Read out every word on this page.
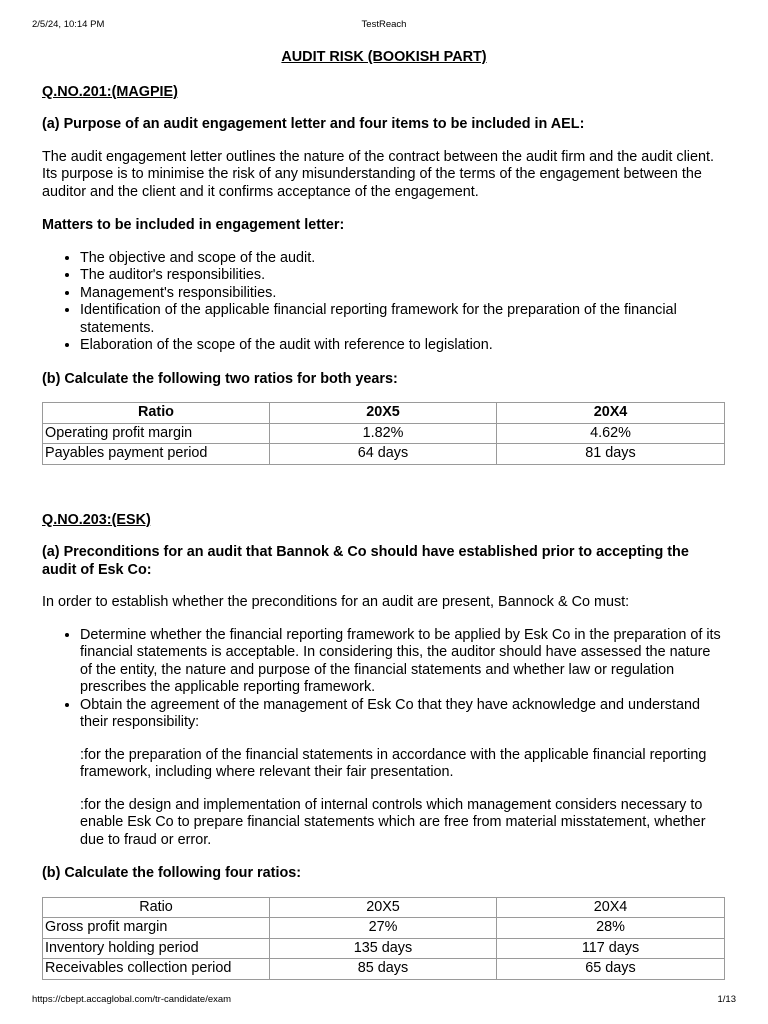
2/5/24, 10:14 PM	TestReach

AUDIT RISK (BOOKISH PART)

Q.NO.201:(MAGPIE)

(a) Purpose of an audit engagement letter and four items to be included in AEL:

The audit engagement letter outlines the nature of the contract between the audit firm and the audit client. Its purpose is to minimise the risk of any misunderstanding of the terms of the engagement between the auditor and the client and it confirms acceptance of the engagement.

Matters to be included in engagement letter:

• The objective and scope of the audit.
• The auditor's responsibilities.
• Management's responsibilities.
• Identification of the applicable financial reporting framework for the preparation of the financial statements.
• Elaboration of the scope of the audit with reference to legislation.

(b) Calculate the following two ratios for both years:

Ratio	20X5	20X4
Operating profit margin	1.82%	4.62%
Payables payment period	64 days	81 days

Q.NO.203:(ESK)

(a) Preconditions for an audit that Bannok & Co should have established prior to accepting the audit of Esk Co:

In order to establish whether the preconditions for an audit are present, Bannock & Co must:

• Determine whether the financial reporting framework to be applied by Esk Co in the preparation of its financial statements is acceptable. In considering this, the auditor should have assessed the nature of the entity, the nature and purpose of the financial statements and whether law or regulation prescribes the applicable reporting framework.
• Obtain the agreement of the management of Esk Co that they have acknowledge and understand their responsibility:

:for the preparation of the financial statements in accordance with the applicable financial reporting framework, including where relevant their fair presentation.

:for the design and implementation of internal controls which management considers necessary to enable Esk Co to prepare financial statements which are free from material misstatement, whether due to fraud or error.

(b) Calculate the following four ratios:

Ratio	20X5	20X4
Gross profit margin	27%	28%
Inventory holding period	135 days	117 days
Receivables collection period	85 days	65 days
https://cbept.accaglobal.com/tr-candidate/exam	1/13
